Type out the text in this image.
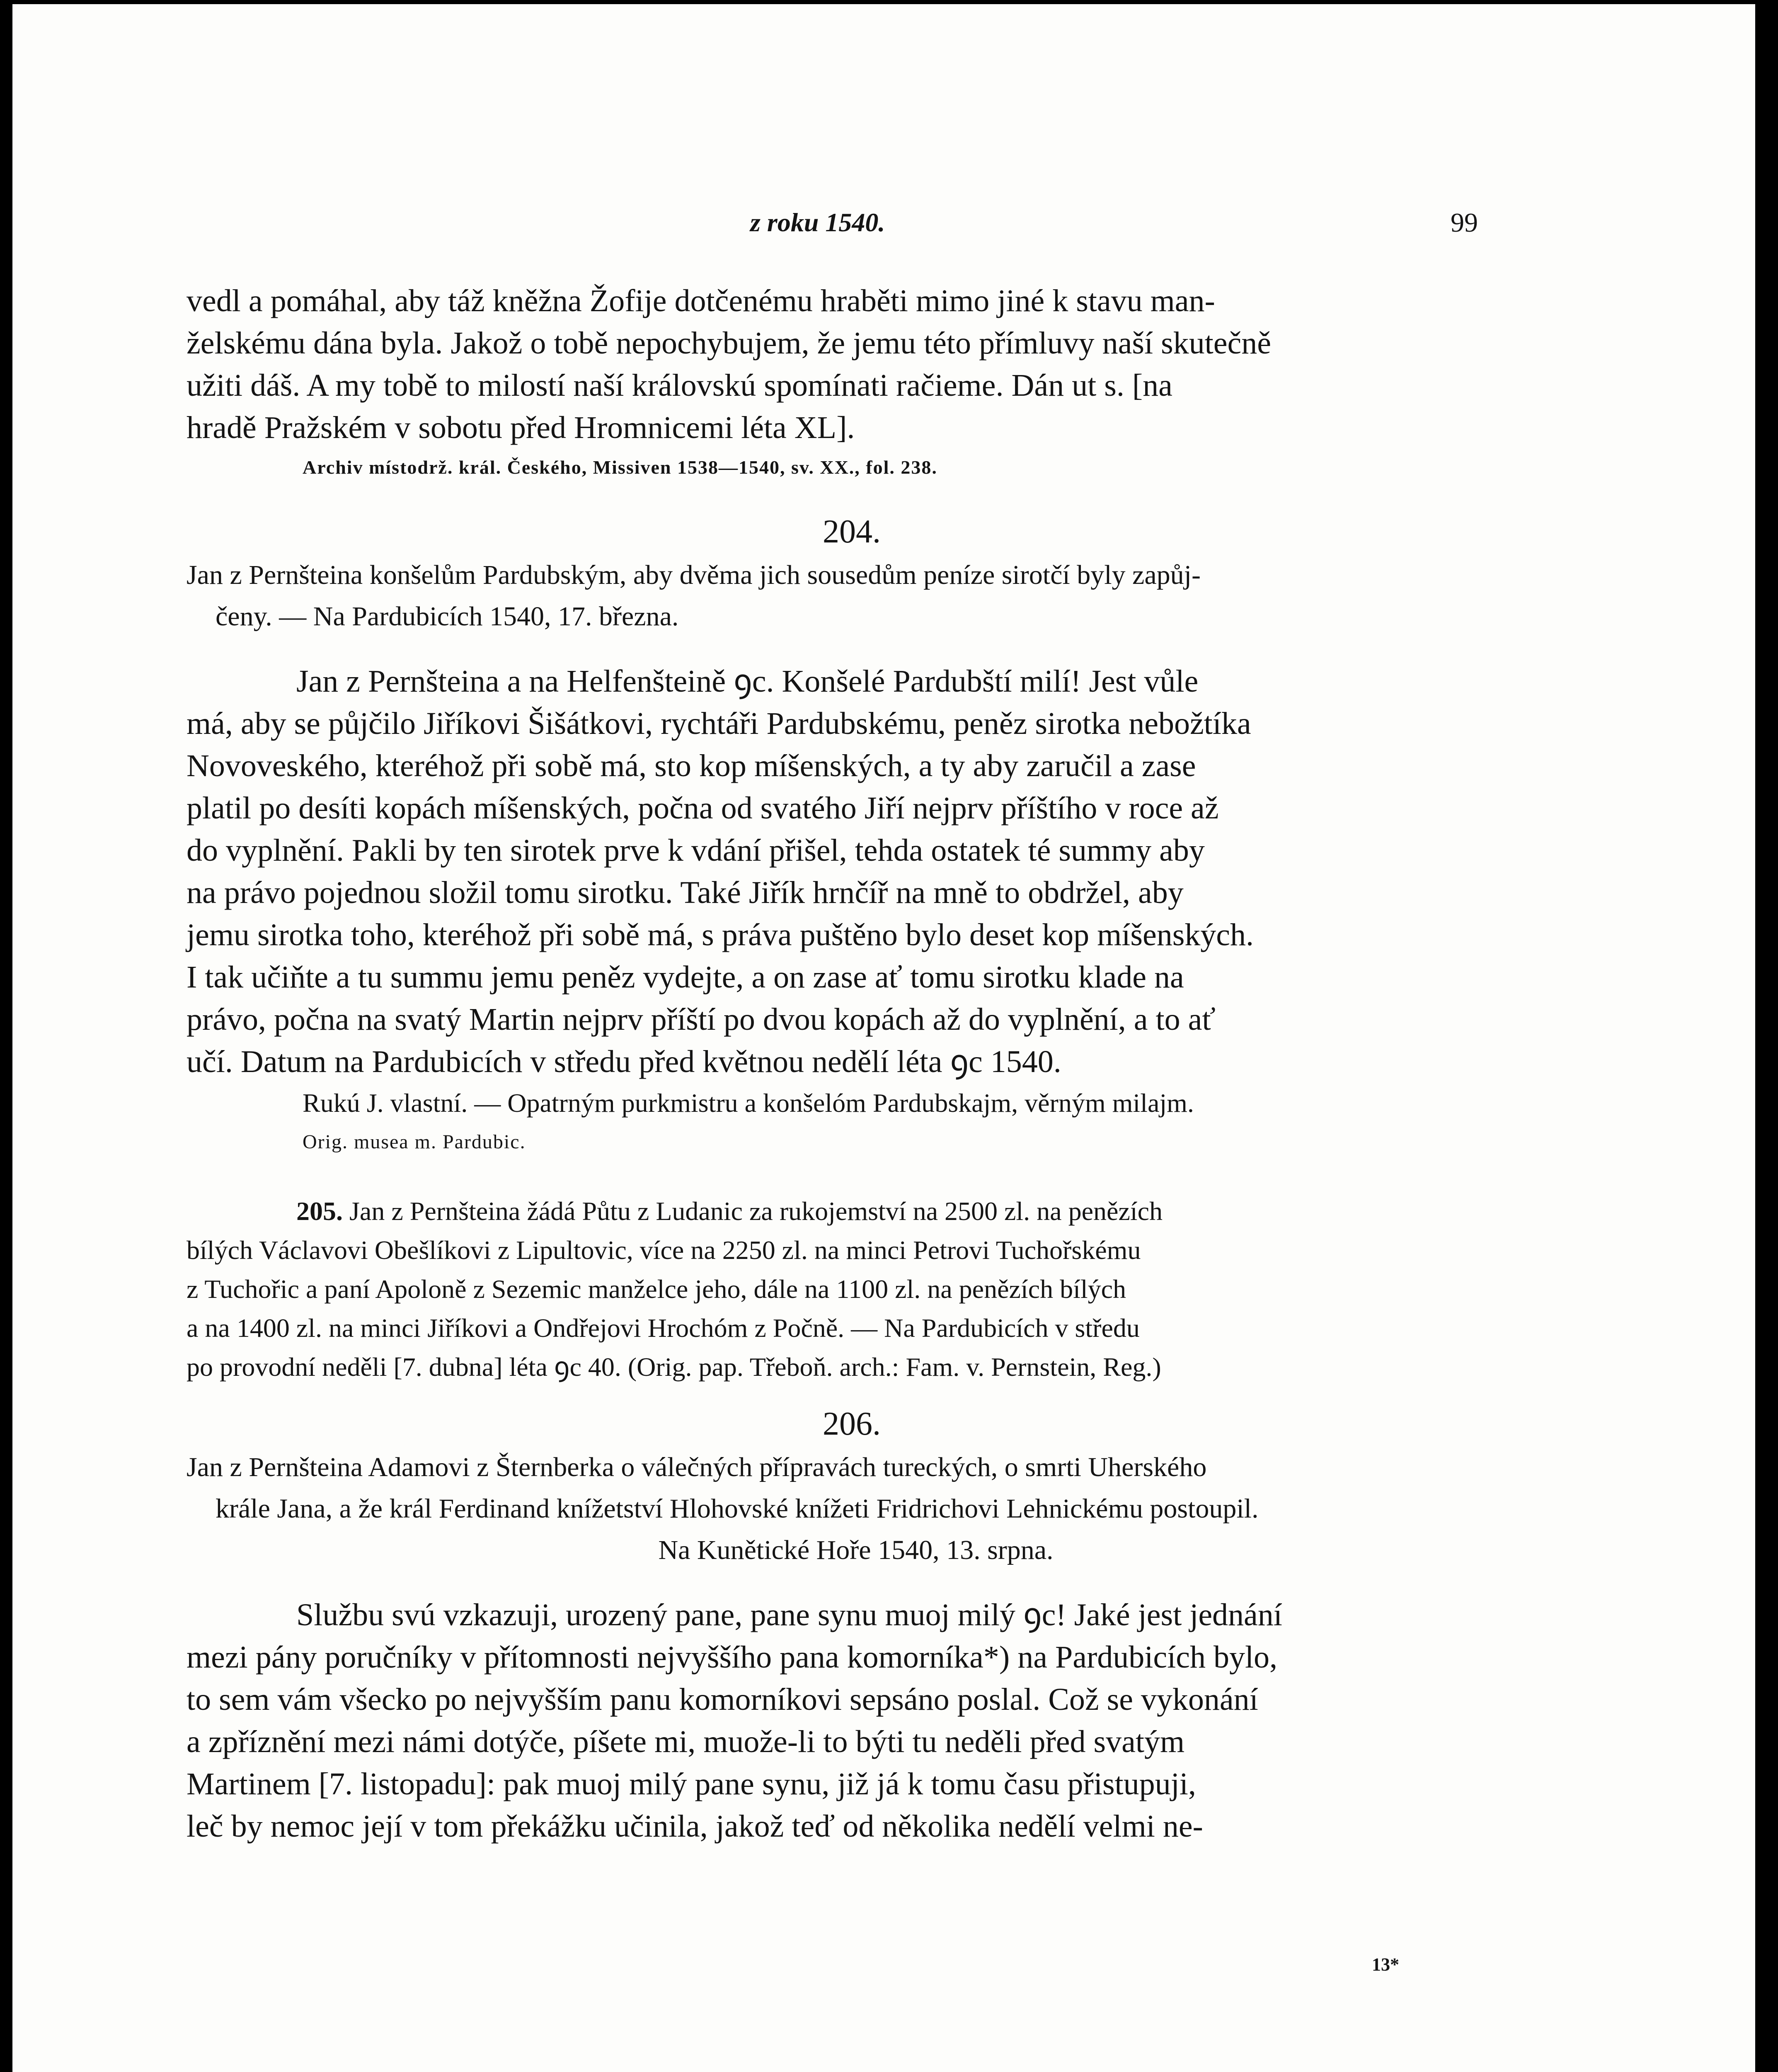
z roku 1540.	99
vedl a pomáhal, aby táž kněžna Žofije dotčenému hraběti mimo jiné k stavu man-
želskému dána byla. Jakož o tobě nepochybujem, že jemu této přímluvy naší skutečně
užiti dáš. A my tobě to milostí naší královskú spomínati račieme. Dán ut s. [na
hradě Pražském v sobotu před Hromnicemi léta XL].
Archiv místodrž. král. Českého, Missiven 1538—1540, sv. XX., fol. 238.
204.
Jan z Pernšteina konšelům Pardubským, aby dvěma jich sousedům peníze sirotčí byly zapůj-
čeny. — Na Pardubicích 1540, 17. března.
Jan z Pernšteina a na Helfenšteině ꝯc. Konšelé Pardubští milí! Jest vůle
má, aby se půjčilo Jiříkovi Šišátkovi, rychtáři Pardubskému, peněz sirotka nebožtíka
Novoveského, kteréhož při sobě má, sto kop míšenských, a ty aby zaručil a zase
platil po desíti kopách míšenských, počna od svatého Jiří nejprv příštího v roce až
do vyplnění. Pakli by ten sirotek prve k vdání přišel, tehda ostatek té summy aby
na právo pojednou složil tomu sirotku. Také Jiřík hrnčíř na mně to obdržel, aby
jemu sirotka toho, kteréhož při sobě má, s práva puštěno bylo deset kop míšenských.
I tak učiňte a tu summu jemu peněz vydejte, a on zase ať tomu sirotku klade na
právo, počna na svatý Martin nejprv příští po dvou kopách až do vyplnění, a to ať
učí. Datum na Pardubicích v středu před květnou nedělí léta ꝯc 1540.
Rukú J. vlastní. — Opatrným purkmistru a konšelóm Pardubskajm, věrným milajm.
Orig. musea m. Pardubic.
205. Jan z Pernšteina žádá Půtu z Ludanic za rukojemství na 2500 zl. na penězích
bílých Václavovi Obešlíkovi z Lipultovic, více na 2250 zl. na minci Petrovi Tuchořskému
z Tuchořic a paní Apoloně z Sezemic manželce jeho, dále na 1100 zl. na penězích bílých
a na 1400 zl. na minci Jiříkovi a Ondřejovi Hrochóm z Počně. — Na Pardubicích v středu
po provodní neděli [7. dubna] léta ꝯc 40. (Orig. pap. Třeboň. arch.: Fam. v. Pernstein, Reg.)
206.
Jan z Pernšteina Adamovi z Šternberka o válečných přípravách tureckých, o smrti Uherského
krále Jana, a že král Ferdinand knížetství Hlohovské knížeti Fridrichovi Lehnickému postoupil.
Na Kunětické Hoře 1540, 13. srpna.
Službu svú vzkazuji, urozený pane, pane synu muoj milý ꝯc! Jaké jest jednání
mezi pány poručníky v přítomnosti nejvyššího pana komorníka*) na Pardubicích bylo,
to sem vám všecko po nejvyšším panu komorníkovi sepsáno poslal. Což se vykonání
a zpříznění mezi námi dotýče, píšete mi, muože-li to býti tu neděli před svatým
Martinem [7. listopadu]: pak muoj milý pane synu, již já k tomu času přistupuji,
leč by nemoc její v tom překážku učinila, jakož teď od několika nedělí velmi ne-
13*
